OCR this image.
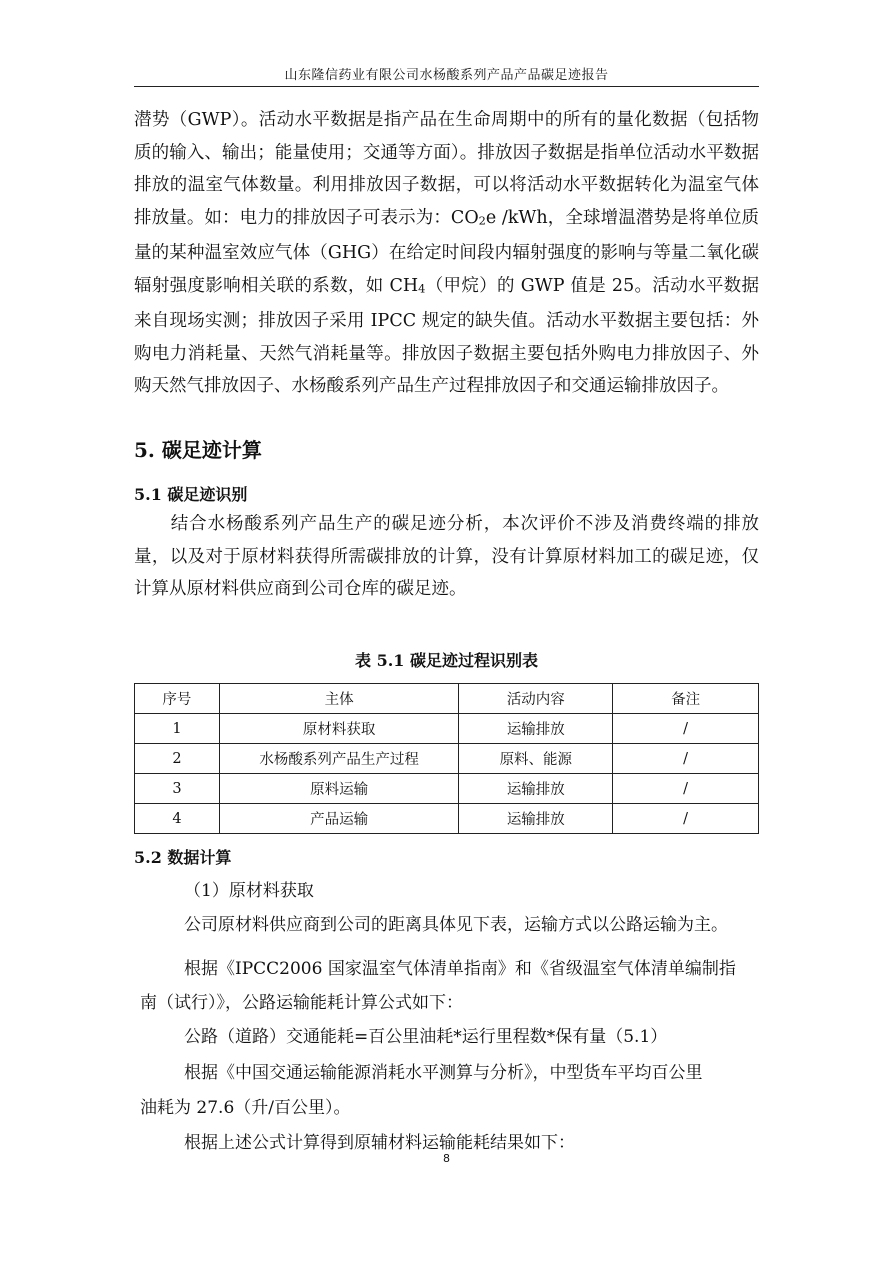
山东隆信药业有限公司水杨酸系列产品产品碳足迹报告

潜势（GWP）。活动水平数据是指产品在生命周期中的所有的量化数据（包括物质的输入、输出；能量使用；交通等方面）。排放因子数据是指单位活动水平数据排放的温室气体数量。利用排放因子数据，可以将活动水平数据转化为温室气体排放量。如：电力的排放因子可表示为：CO2e /kWh，全球增温潜势是将单位质量的某种温室效应气体（GHG）在给定时间段内辐射强度的影响与等量二氧化碳辐射强度影响相关联的系数，如 CH4（甲烷）的 GWP 值是 25。活动水平数据来自现场实测；排放因子采用 IPCC 规定的缺失值。活动水平数据主要包括：外购电力消耗量、天然气消耗量等。排放因子数据主要包括外购电力排放因子、外购天然气排放因子、水杨酸系列产品生产过程排放因子和交通运输排放因子。

5. 碳足迹计算
5.1 碳足迹识别

结合水杨酸系列产品生产的碳足迹分析，本次评价不涉及消费终端的排放量，以及对于原材料获得所需碳排放的计算，没有计算原材料加工的碳足迹，仅计算从原材料供应商到公司仓库的碳足迹。

表 5.1 碳足迹过程识别表

序号	主体	活动内容	备注
1	原材料获取	运输排放	/
2	水杨酸系列产品生产过程	原料、能源	/
3	原料运输	运输排放	/
4	产品运输	运输排放	/
5.2 数据计算

（1）原材料获取

公司原材料供应商到公司的距离具体见下表，运输方式以公路运输为主。

根据《IPCC2006 国家温室气体清单指南》和《省级温室气体清单编制指

南（试行）》，公路运输能耗计算公式如下：

公路（道路）交通能耗=百公里油耗*运行里程数*保有量（5.1）

根据《中国交通运输能源消耗水平测算与分析》，中型货车平均百公里

油耗为 27.6（升/百公里）。

根据上述公式计算得到原辅材料运输能耗结果如下：

8
